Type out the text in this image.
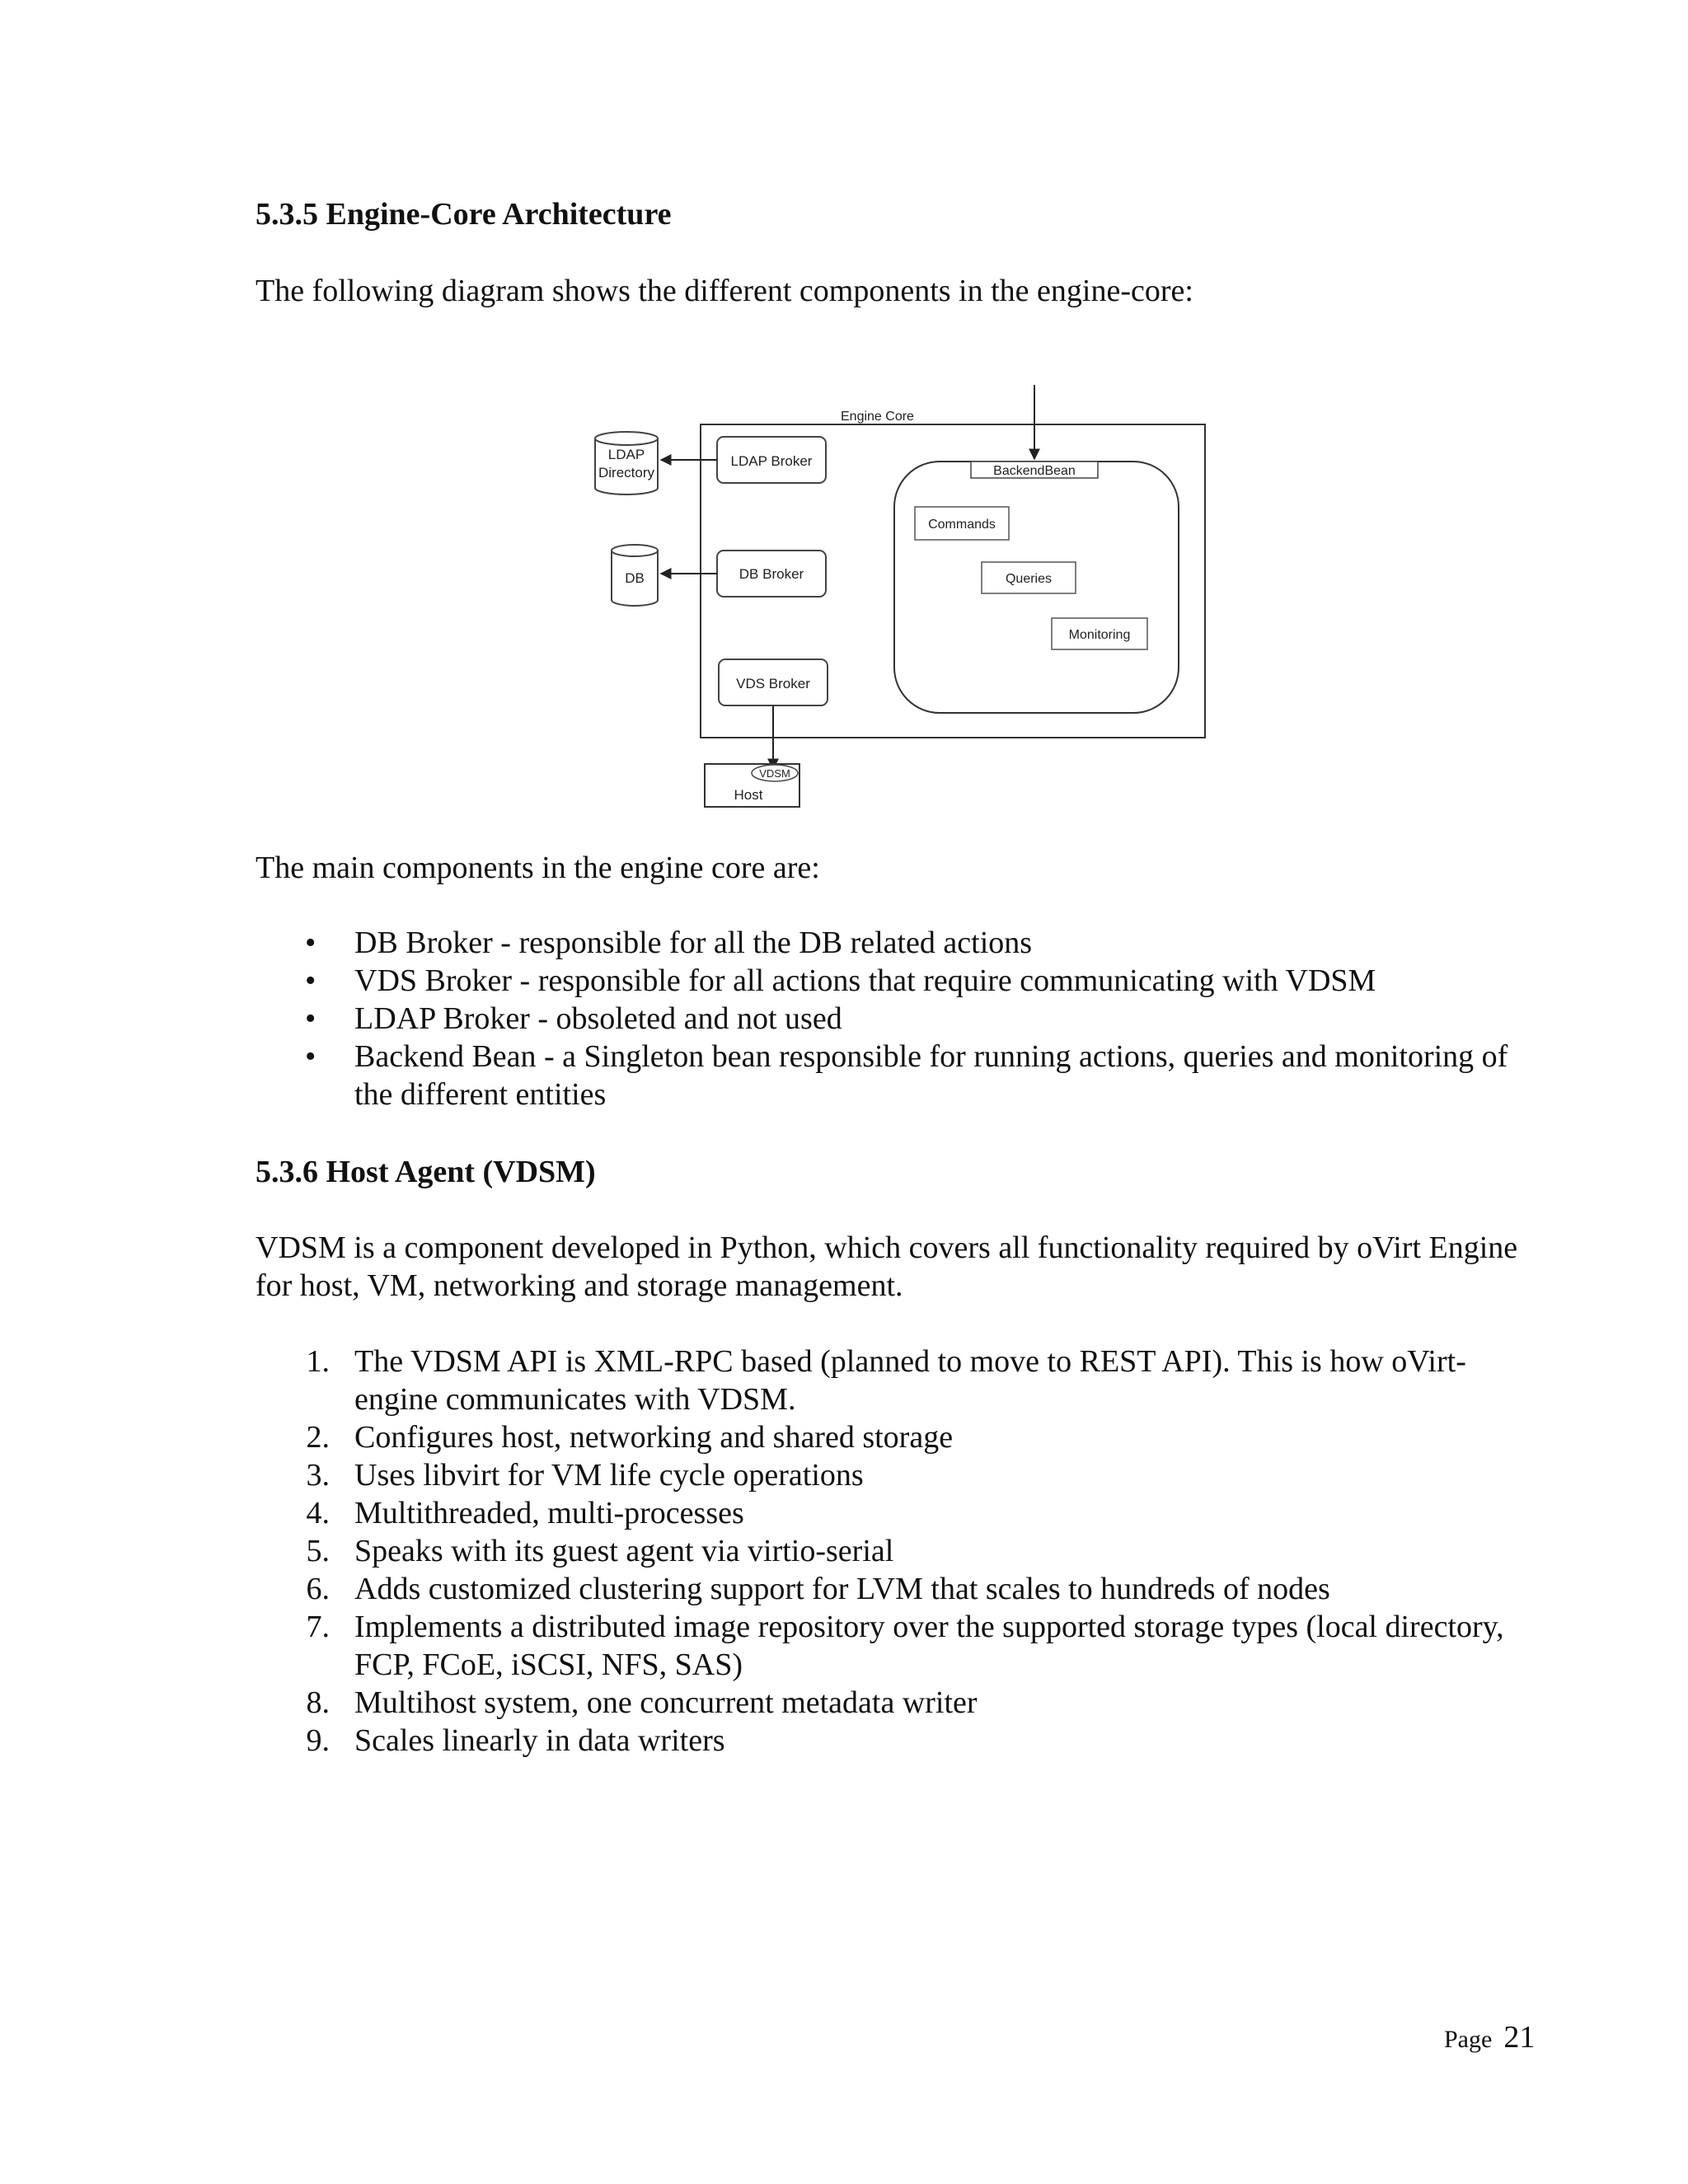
5.3.5 Engine-Core Architecture

The following diagram shows the different components in the engine-core:

Engine Core
LDAP
Directory
LDAP Broker
DB	DB Broker
VDS Broker
BackendBean
Commands
Queries
Monitoring
VDSM
Host

The main components in the engine core are:

• DB Broker - responsible for all the DB related actions
• VDS Broker - responsible for all actions that require communicating with VDSM
• LDAP Broker - obsoleted and not used
• Backend Bean - a Singleton bean responsible for running actions, queries and monitoring of the different entities
5.3.6 Host Agent (VDSM)

VDSM is a component developed in Python, which covers all functionality required by oVirt Engine for host, VM, networking and storage management.

1. The VDSM API is XML-RPC based (planned to move to REST API). This is how oVirt-engine communicates with VDSM.
2. Configures host, networking and shared storage
3. Uses libvirt for VM life cycle operations
4. Multithreaded, multi-processes
5. Speaks with its guest agent via virtio-serial
6. Adds customized clustering support for LVM that scales to hundreds of nodes
7. Implements a distributed image repository over the supported storage types (local directory, FCP, FCoE, iSCSI, NFS, SAS)
8. Multihost system, one concurrent metadata writer
9. Scales linearly in data writers
Page 21
